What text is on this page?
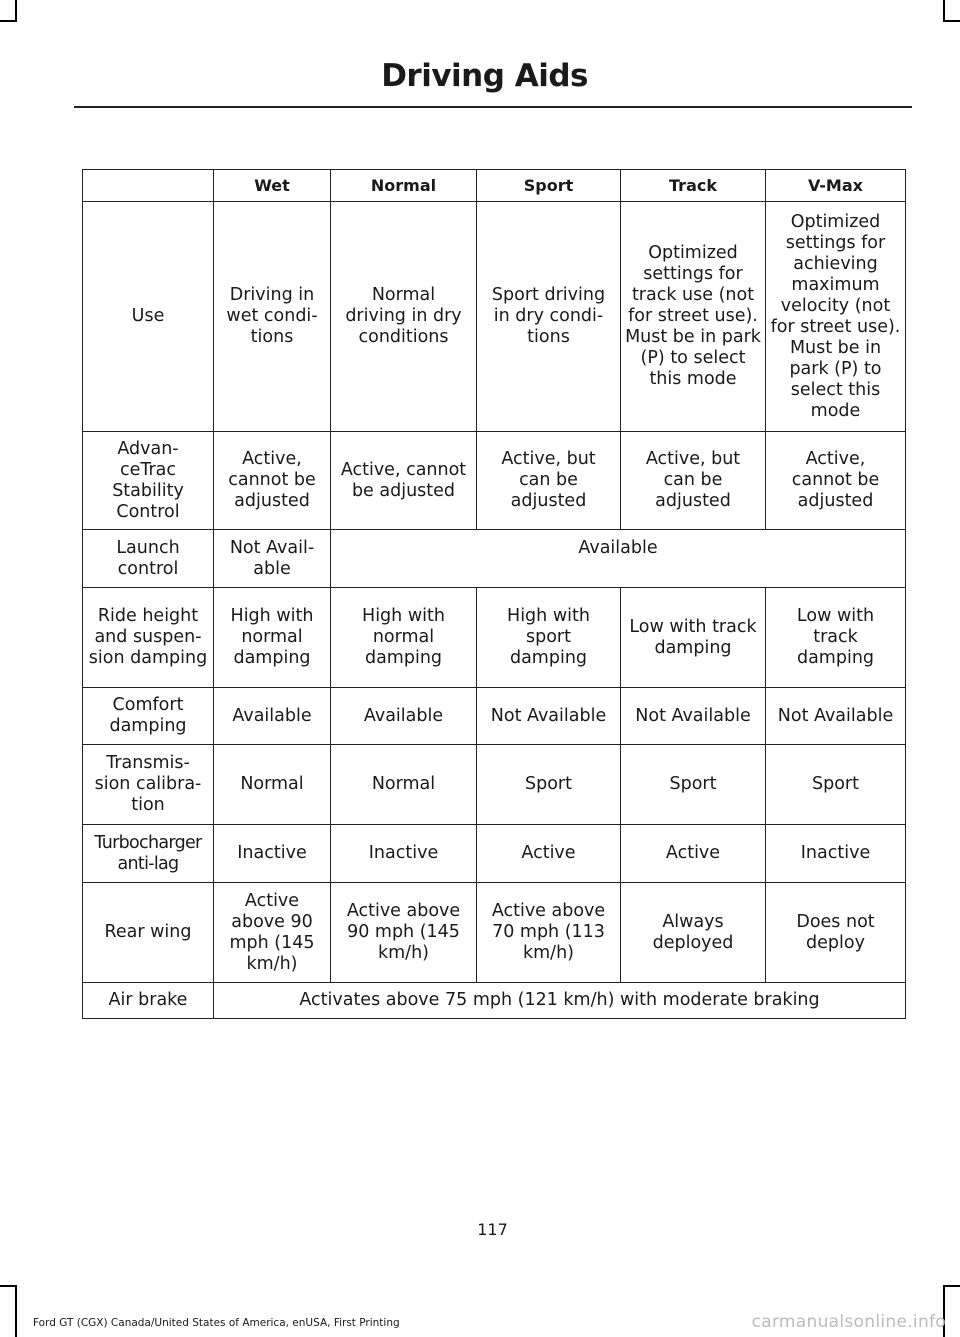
Driving Aids
	Wet	Normal	Sport	Track	V-Max
Use	Driving in wet condi- tions	Normal driving in dry conditions	Sport driving in dry condi- tions	Optimized settings for track use (not for street use). Must be in park (P) to select this mode	Optimized settings for achieving maximum velocity (not for street use). Must be in park (P) to select this mode
Advan- ceTrac Stability Control	Active, cannot be adjusted	Active, cannot be adjusted	Active, but can be adjusted	Active, but can be adjusted	Active, cannot be adjusted
Launch control	Not Avail- able	Available			
Ride height and suspen- sion damping	High with normal damping	High with normal damping	High with sport damping	Low with track damping	Low with track damping
Comfort damping	Available	Available	Not Available	Not Available	Not Available
Transmis- sion calibra- tion	Normal	Normal	Sport	Sport	Sport
Turbocharger anti-lag	Inactive	Inactive	Active	Active	Inactive
Rear wing	Active above 90 mph (145 km/h)	Active above 90 mph (145 km/h)	Active above 70 mph (113 km/h)	Always deployed	Does not deploy
Air brake	Activates above 75 mph (121 km/h) with moderate braking				
117
Ford GT (CGX) Canada/United States of America, enUSA, First Printing	carmanualsonline.info
